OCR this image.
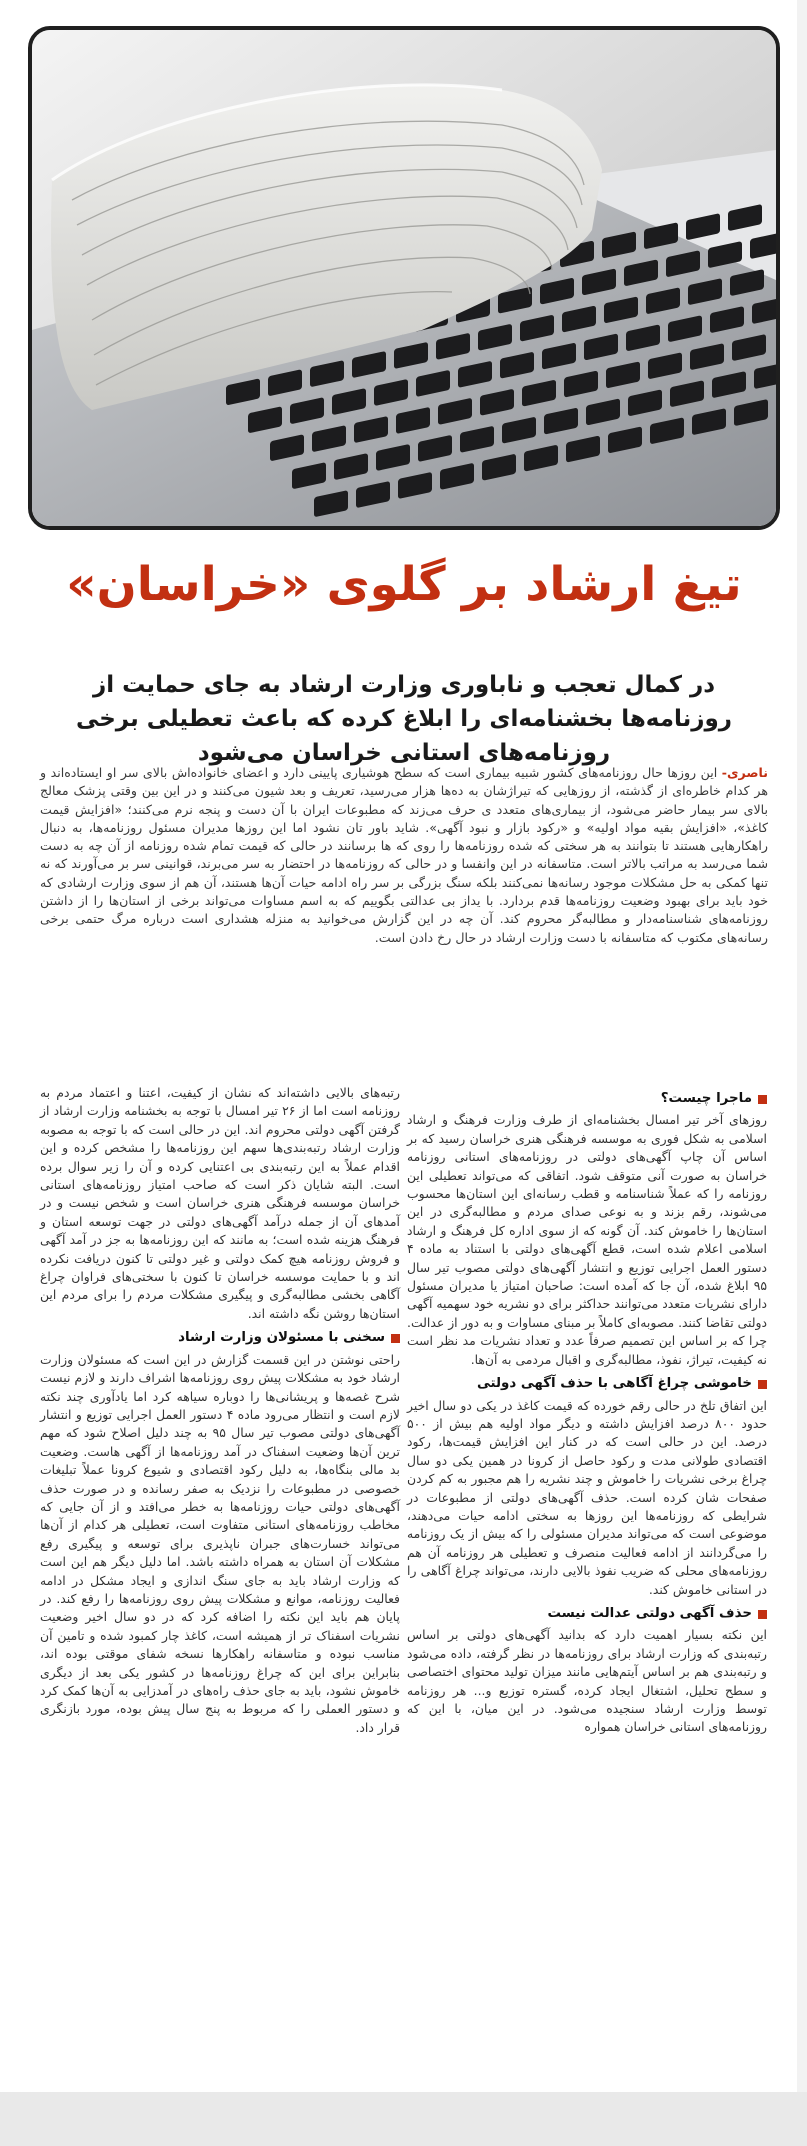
تیغ ارشاد بر گلوی «خراسان»
در کمال تعجب و ناباوری وزارت ارشاد به جای حمایت از روزنامه‌ها بخشنامه‌ای را ابلاغ کرده که باعث تعطیلی برخی روزنامه‌های استانی خراسان می‌شود

ناصری- این روزها حال روزنامه‌های کشور شبیه بیماری است که سطح هوشیاری پایینی دارد و اعضای خانواده‌اش بالای سر او ایستاده‌اند و هر کدام خاطره‌ای از گذشته، از روزهایی که تیراژشان به ده‌ها هزار می‌رسید، تعریف و بعد شیون می‌کنند و در این بین وقتی پزشک معالج بالای سر بیمار حاضر می‌شود، از بیماری‌های متعدد ی حرف می‌زند که مطبوعات ایران با آن دست و پنجه نرم می‌کنند؛ «افزایش قیمت کاغذ»، «افزایش بقیه مواد اولیه» و «رکود بازار و نبود آگهی». شاید باور تان نشود اما این روزها مدیران مسئول روزنامه‌ها، به دنبال راهکارهایی هستند تا بتوانند به هر سختی که شده روزنامه‌ها را روی که ها برسانند در حالی که قیمت تمام شده روزنامه از آن چه به دست شما می‌رسد به مراتب بالاتر است. متاسفانه در این وانفسا و در حالی که روزنامه‌ها در احتضار به سر می‌برند، قوانینی سر بر می‌آورند که نه تنها کمکی به حل مشکلات موجود رسانه‌ها نمی‌کنند بلکه سنگ بزرگی بر سر راه ادامه حیات آن‌ها هستند، آن هم از سوی وزارت ارشادی که خود باید برای بهبود وضعیت روزنامه‌ها قدم بردارد. با یداز بی عدالتی بگوییم که به اسم مساوات می‌تواند برخی از استان‌ها را از داشتن روزنامه‌های شناسنامه‌دار و مطالبه‌گر محروم کند. آن چه در این گزارش می‌خوانید به منزله هشداری است درباره مرگ حتمی برخی رسانه‌های مکتوب که متاسفانه با دست وزارت ارشاد در حال رخ دادن است.

ماجرا چیست؟

روزهای آخر تیر امسال بخشنامه‌ای از طرف وزارت فرهنگ و ارشاد اسلامی به شکل فوری به موسسه فرهنگی هنری خراسان رسید که بر اساس آن چاپ آگهی‌های دولتی در روزنامه‌های استانی روزنامه خراسان به صورت آنی متوقف شود. اتفاقی که می‌تواند تعطیلی این روزنامه را که عملاً شناسنامه و قطب رسانه‌ای این استان‌ها محسوب می‌شوند، رقم بزند و به نوعی صدای مردم و مطالبه‌گری در این استان‌ها را خاموش کند. آن گونه که از سوی اداره کل فرهنگ و ارشاد اسلامی اعلام شده است، قطع آگهی‌های دولتی با استناد به ماده ۴ دستور العمل اجرایی توزیع و انتشار آگهی‌های دولتی مصوب تیر سال ۹۵ ابلاغ شده، آن جا که آمده است: صاحبان امتیاز یا مدیران مسئول دارای نشریات متعدد می‌توانند حداکثر برای دو نشریه خود سهمیه آگهی دولتی تقاضا کنند. مصوبه‌ای کاملاً بر مبنای مساوات و به دور از عدالت. چرا که بر اساس این تصمیم صرفاً عدد و تعداد نشریات مد نظر است نه کیفیت، تیراژ، نفوذ، مطالبه‌گری و اقبال مردمی به آن‌ها.

خاموشی چراغ آگاهی با حذف آگهی دولتی

این اتفاق تلخ در حالی رقم خورده که قیمت کاغذ در یکی دو سال اخیر حدود ۸۰۰ درصد افزایش داشته و دیگر مواد اولیه هم بیش از ۵۰۰ درصد. این در حالی است که در کنار این افزایش قیمت‌ها، رکود اقتصادی طولانی مدت و رکود حاصل از کرونا در همین یکی دو سال چراغ برخی نشریات را خاموش و چند نشریه را هم مجبور به کم کردن صفحات شان کرده است. حذف آگهی‌های دولتی از مطبوعات در شرایطی که روزنامه‌ها این روزها به سختی ادامه حیات می‌دهند، موضوعی است که می‌تواند مدیران مسئولی را که بیش از یک روزنامه را می‌گردانند از ادامه فعالیت منصرف و تعطیلی هر روزنامه آن هم روزنامه‌های محلی که ضریب نفوذ بالایی دارند، می‌تواند چراغ آگاهی را در استانی خاموش کند.

حذف آگهی دولتی عدالت نیست

این نکته بسیار اهمیت دارد که بدانید آگهی‌های دولتی بر اساس رتبه‌بندی که وزارت ارشاد برای روزنامه‌ها در نظر گرفته، داده می‌شود و رتبه‌بندی هم بر اساس آیتم‌هایی مانند میزان تولید محتوای اختصاصی و سطح تحلیل، اشتغال ایجاد کرده، گستره توزیع و... هر روزنامه توسط وزارت ارشاد سنجیده می‌شود. در این میان، با این که روزنامه‌های استانی خراسان همواره

رتبه‌های بالایی داشته‌اند که نشان از کیفیت، اعتنا و اعتماد مردم به روزنامه است اما از ۲۶ تیر امسال با توجه به بخشنامه وزارت ارشاد از گرفتن آگهی دولتی محروم اند. این در حالی است که با توجه به مصوبه وزارت ارشاد رتبه‌بندی‌ها سهم این روزنامه‌ها را مشخص کرده و این اقدام عملاً به این رتبه‌بندی بی اعتنایی کرده و آن را زیر سوال برده است. البته شایان ذکر است که صاحب امتیاز روزنامه‌های استانی خراسان موسسه فرهنگی هنری خراسان است و شخص نیست و در آمدهای آن از جمله درآمد آگهی‌های دولتی در جهت توسعه استان و فرهنگ هزینه شده است؛ به مانند که این روزنامه‌ها به جز در آمد آگهی و فروش روزنامه هیچ کمک دولتی و غیر دولتی تا کنون دریافت نکرده اند و با حمایت موسسه خراسان تا کنون با سختی‌های فراوان چراغ آگاهی بخشی مطالبه‌گری و پیگیری مشکلات مردم را برای مردم این استان‌ها روشن نگه داشته اند.

سخنی با مسئولان وزارت ارشاد

راحتی نوشتن در این قسمت گزارش در این است که مسئولان وزارت ارشاد خود به مشکلات پیش روی روزنامه‌ها اشراف دارند و لازم نیست شرح غصه‌ها و پریشانی‌ها را دوباره سیاهه کرد اما یادآوری چند نکته لازم است و انتظار می‌رود ماده ۴ دستور العمل اجرایی توزیع و انتشار آگهی‌های دولتی مصوب تیر سال ۹۵ به چند دلیل اصلاح شود که مهم ترین آن‌ها وضعیت اسفناک در آمد روزنامه‌ها از آگهی هاست. وضعیت بد مالی بنگاه‌ها، به دلیل رکود اقتصادی و شیوع کرونا عملاً تبلیغات خصوصی در مطبوعات را نزدیک به صفر رسانده و در صورت حذف آگهی‌های دولتی حیات روزنامه‌ها به خطر می‌افتد و از آن جایی که مخاطب روزنامه‌های استانی متفاوت است، تعطیلی هر کدام از آن‌ها می‌تواند خسارت‌های جبران ناپذیری برای توسعه و پیگیری رفع مشکلات آن استان به همراه داشته باشد. اما دلیل دیگر هم این است که وزارت ارشاد باید به جای سنگ اندازی و ایجاد مشکل در ادامه فعالیت روزنامه، موانع و مشکلات پیش روی روزنامه‌ها را رفع کند. در پایان هم باید این نکته را اضافه کرد که در دو سال اخیر وضعیت نشریات اسفناک تر از همیشه است، کاغذ چار کمبود شده و تامین آن مناسب نبوده و متاسفانه راهکارها نسخه شفای موقتی بوده اند، بنابراین برای این که چراغ روزنامه‌ها در کشور یکی بعد از دیگری خاموش نشود، باید به جای حذف راه‌های در آمدزایی به آن‌ها کمک کرد و دستور العملی را که مربوط به پنج سال پیش بوده، مورد بازنگری قرار داد.
